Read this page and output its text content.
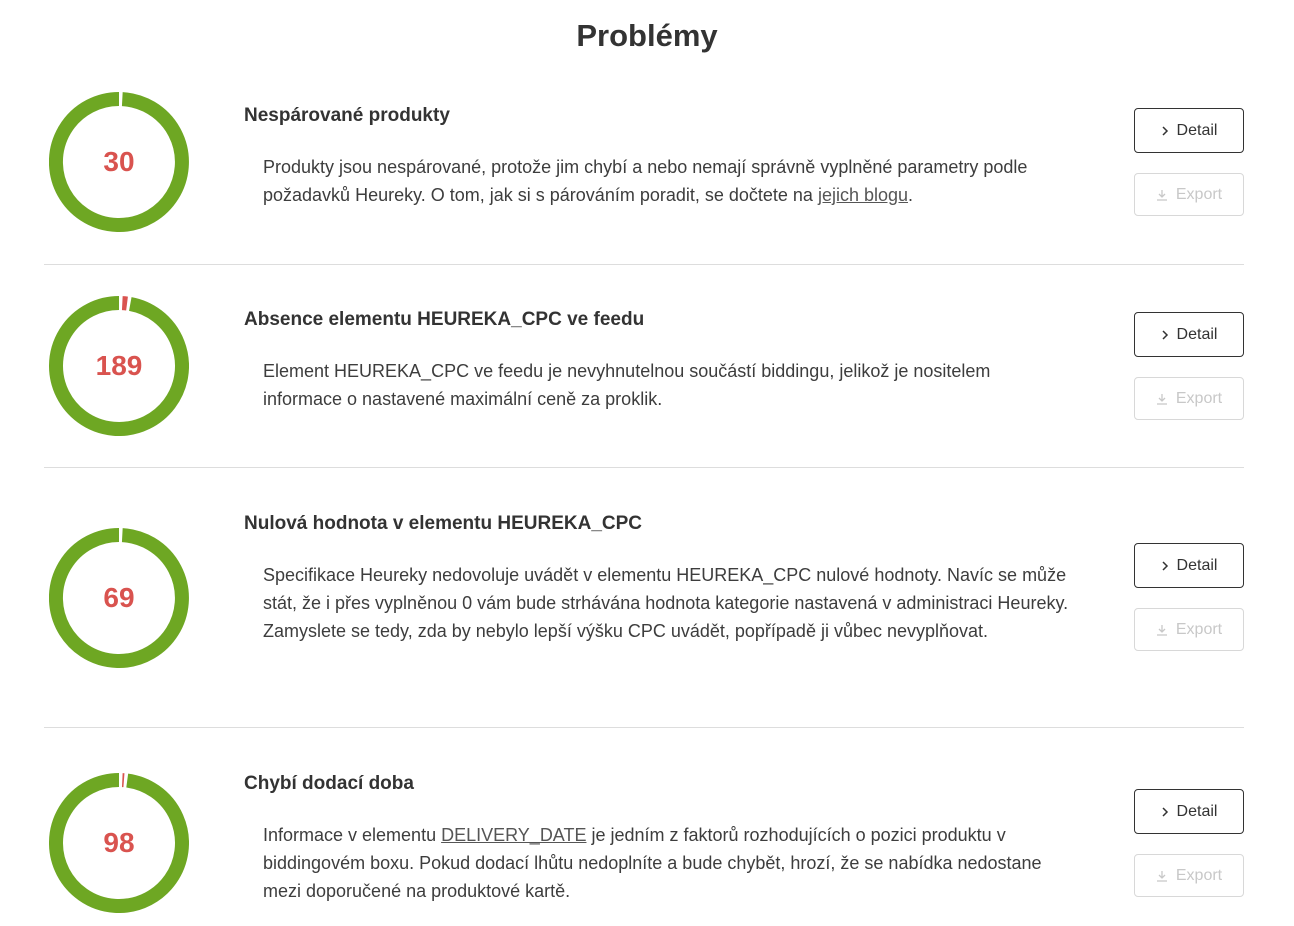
Problémy
30
Nespárované produkty
Produkty jsou nespárované, protože jim chybí a nebo nemají správně vyplněné parametry podle požadavků Heureky. O tom, jak si s párováním poradit, se dočtete na jejich blogu.
Detail
Export
189
Absence elementu HEUREKA_CPC ve feedu
Element HEUREKA_CPC ve feedu je nevyhnutelnou součástí biddingu, jelikož je nositelem informace o nastavené maximální ceně za proklik.
Detail
Export
69
Nulová hodnota v elementu HEUREKA_CPC
Specifikace Heureky nedovoluje uvádět v elementu HEUREKA_CPC nulové hodnoty. Navíc se může stát, že i přes vyplněnou 0 vám bude strhávána hodnota kategorie nastavená v administraci Heureky. Zamyslete se tedy, zda by nebylo lepší výšku CPC uvádět, popřípadě ji vůbec nevyplňovat.
Detail
Export
98
Chybí dodací doba
Informace v elementu DELIVERY_DATE je jedním z faktorů rozhodujících o pozici produktu v biddingovém boxu. Pokud dodací lhůtu nedoplníte a bude chybět, hrozí, že se nabídka nedostane mezi doporučené na produktové kartě.
Detail
Export
